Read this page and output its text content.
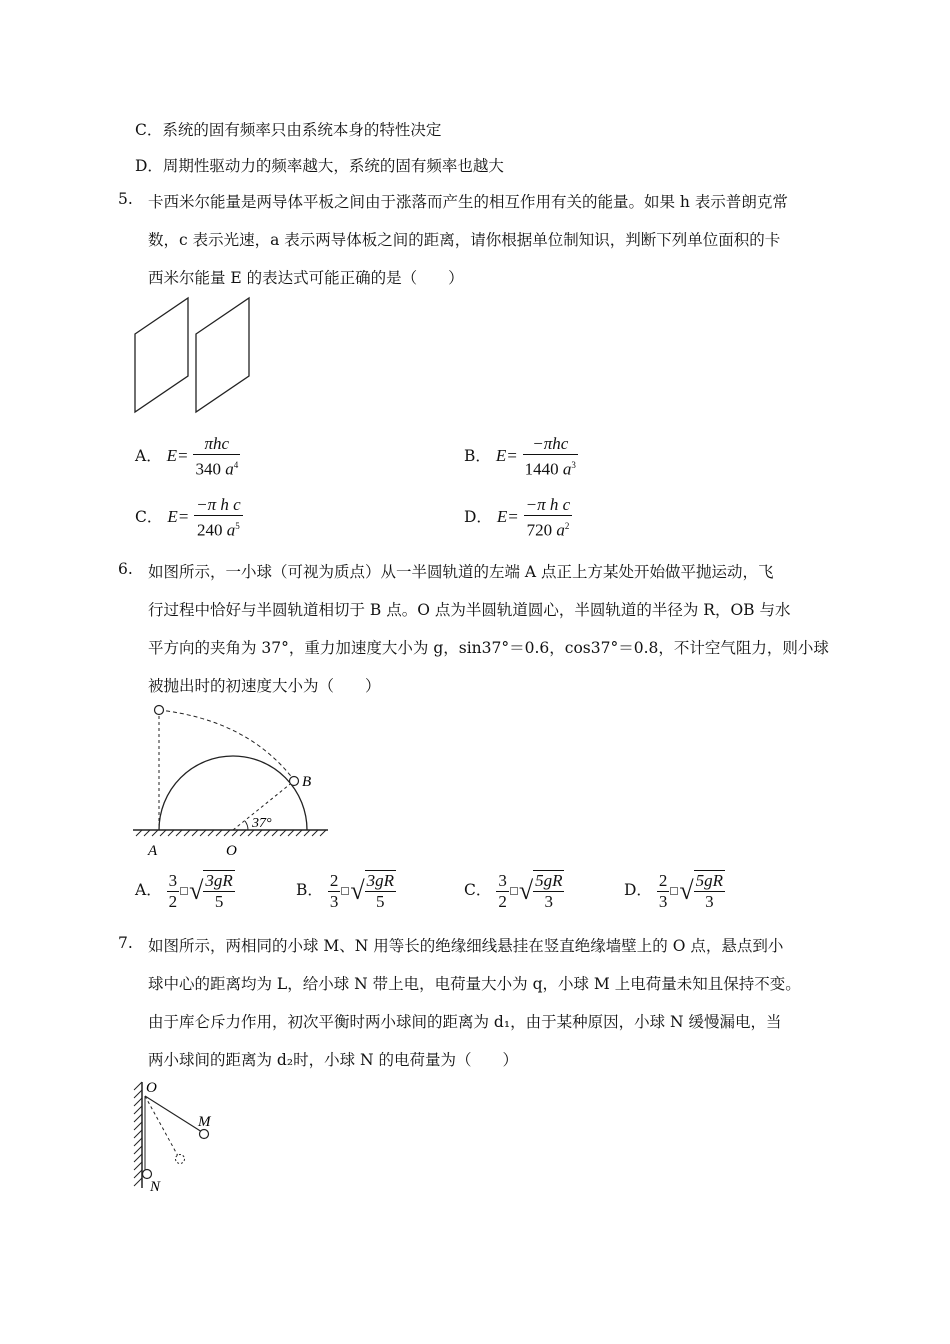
C．系统的固有频率只由系统本身的特性决定
D．周期性驱动力的频率越大，系统的固有频率也越大
5. 卡西米尔能量是两导体平板之间由于涨落而产生的相互作用有关的能量。如果 h 表示普朗克常
数，c 表示光速，a 表示两导体板之间的距离，请你根据单位制知识，判断下列单位面积的卡
西米尔能量 E 的表达式可能正确的是（　　）
A． $E= \frac{\text{πhc}}{340 a^4}$	B． $E= \frac{\text{−πhc}}{1440 a^3}$
C． $E= \frac{\text{−π h c}}{240 a^5}$	D． $E= \frac{\text{−π h c}}{720 a^2}$
6. 如图所示，一小球（可视为质点）从一半圆轨道的左端 A 点正上方某处开始做平抛运动，飞
行过程中恰好与半圆轨道相切于 B 点。O 点为半圆轨道圆心，半圆轨道的半径为 R，OB 与水
平方向的夹角为 37°，重力加速度大小为 g，sin37°＝0.6，cos37°＝0.8，不计空气阻力，则小球
被抛出时的初速度大小为（　　）
B
37°
A	O
A． $\frac{3}{2}$ √ $\frac{3gR}{5}$	B． $\frac{2}{3}$ √ $\frac{3gR}{5}$	C． $\frac{3}{2}$ √ $\frac{5gR}{3}$	D． $\frac{2}{3}$ √ $\frac{5gR}{3}$
7. 如图所示，两相同的小球 M、N 用等长的绝缘细线悬挂在竖直绝缘墙壁上的 O 点，悬点到小
球中心的距离均为 L，给小球 N 带上电，电荷量大小为 q，小球 M 上电荷量未知且保持不变。
由于库仑斥力作用，初次平衡时两小球间的距离为 d₁，由于某种原因，小球 N 缓慢漏电，当
两小球间的距离为 d₂时，小球 N 的电荷量为（　　）
O
M
N
